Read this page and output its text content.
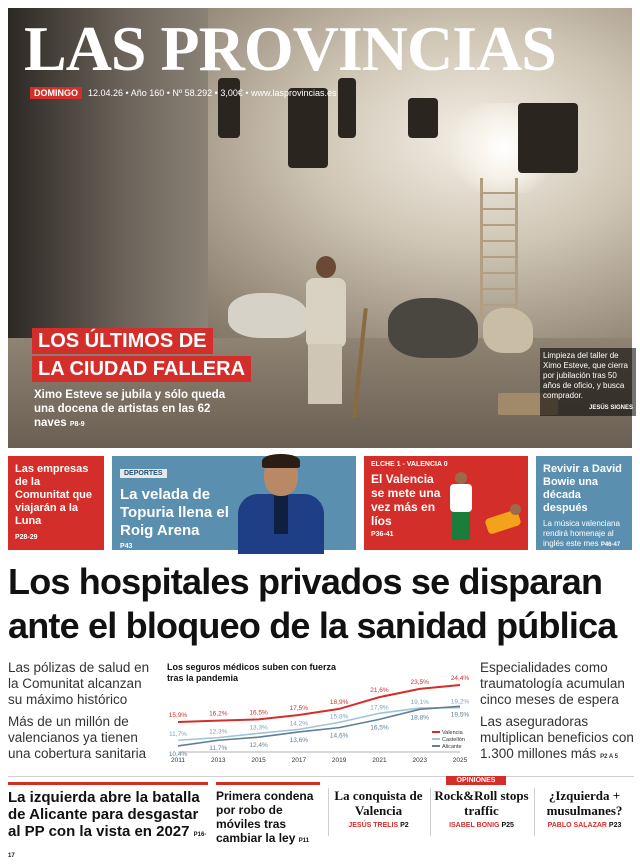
LAS PROVINCIAS
DOMINGO	12.04.26 • Año 160 • Nº 58.292 • 3,00€ • www.lasprovincias.es
LOS ÚLTIMOS DE
LA CIUDAD FALLERA
Ximo Esteve se jubila y sólo queda una docena de artistas en las 62 naves P8-9
Limpieza del taller de Ximo Esteve, que cierra por jubilación tras 50 años de oficio, y busca comprador.
JESÚS SIGNES
Las empresas de la Comunitat que viajarán a la Luna
P28-29
DEPORTES
La velada de Topuria llena el Roig Arena
P43
ELCHE 1 - VALENCIA 0
El Valencia se mete una vez más en líos
P36-41
Revivir a David Bowie una década después
La música valenciana rendirá homenaje al inglés este mes P46-47
Los hospitales privados se disparan ante el bloqueo de la sanidad pública

Las pólizas de salud en la Comunitat alcanzan su máximo histórico

Más de un millón de valencianos ya tienen una cobertura sanitaria	2011	2013	2015	2017	2019	2021	2023	2025
15,9%	16,2%	16,5%
17,5%
18,9%
21,6%
23,5%
24,4%
11,7%	12,3%
13,3%
14,2%
15,8%
17,9%
19,1%	19,2%
10,4%
11,7%	12,4%
13,6%
14,6%
16,5%
18,8%	19,5%
Valencia
Castellón
Alicante
Los seguros médicos suben con fuerza tras la pandemia

Especialidades como traumatología acumulan cinco meses de espera

Las aseguradoras multiplican beneficios con 1.300 millones más P2 A 5

La izquierda abre la batalla de Alicante para desgastar al PP con la vista en 2027 P16-17
Primera condena por robo de móviles tras cambiar la ley P11
OPINIONES
La conquista de Valencia
JESÚS TRELIS P2
Rock&Roll stops traffic
ISABEL BONIG P25
¿Izquierda + musulmanes?
PABLO SALAZAR P23
